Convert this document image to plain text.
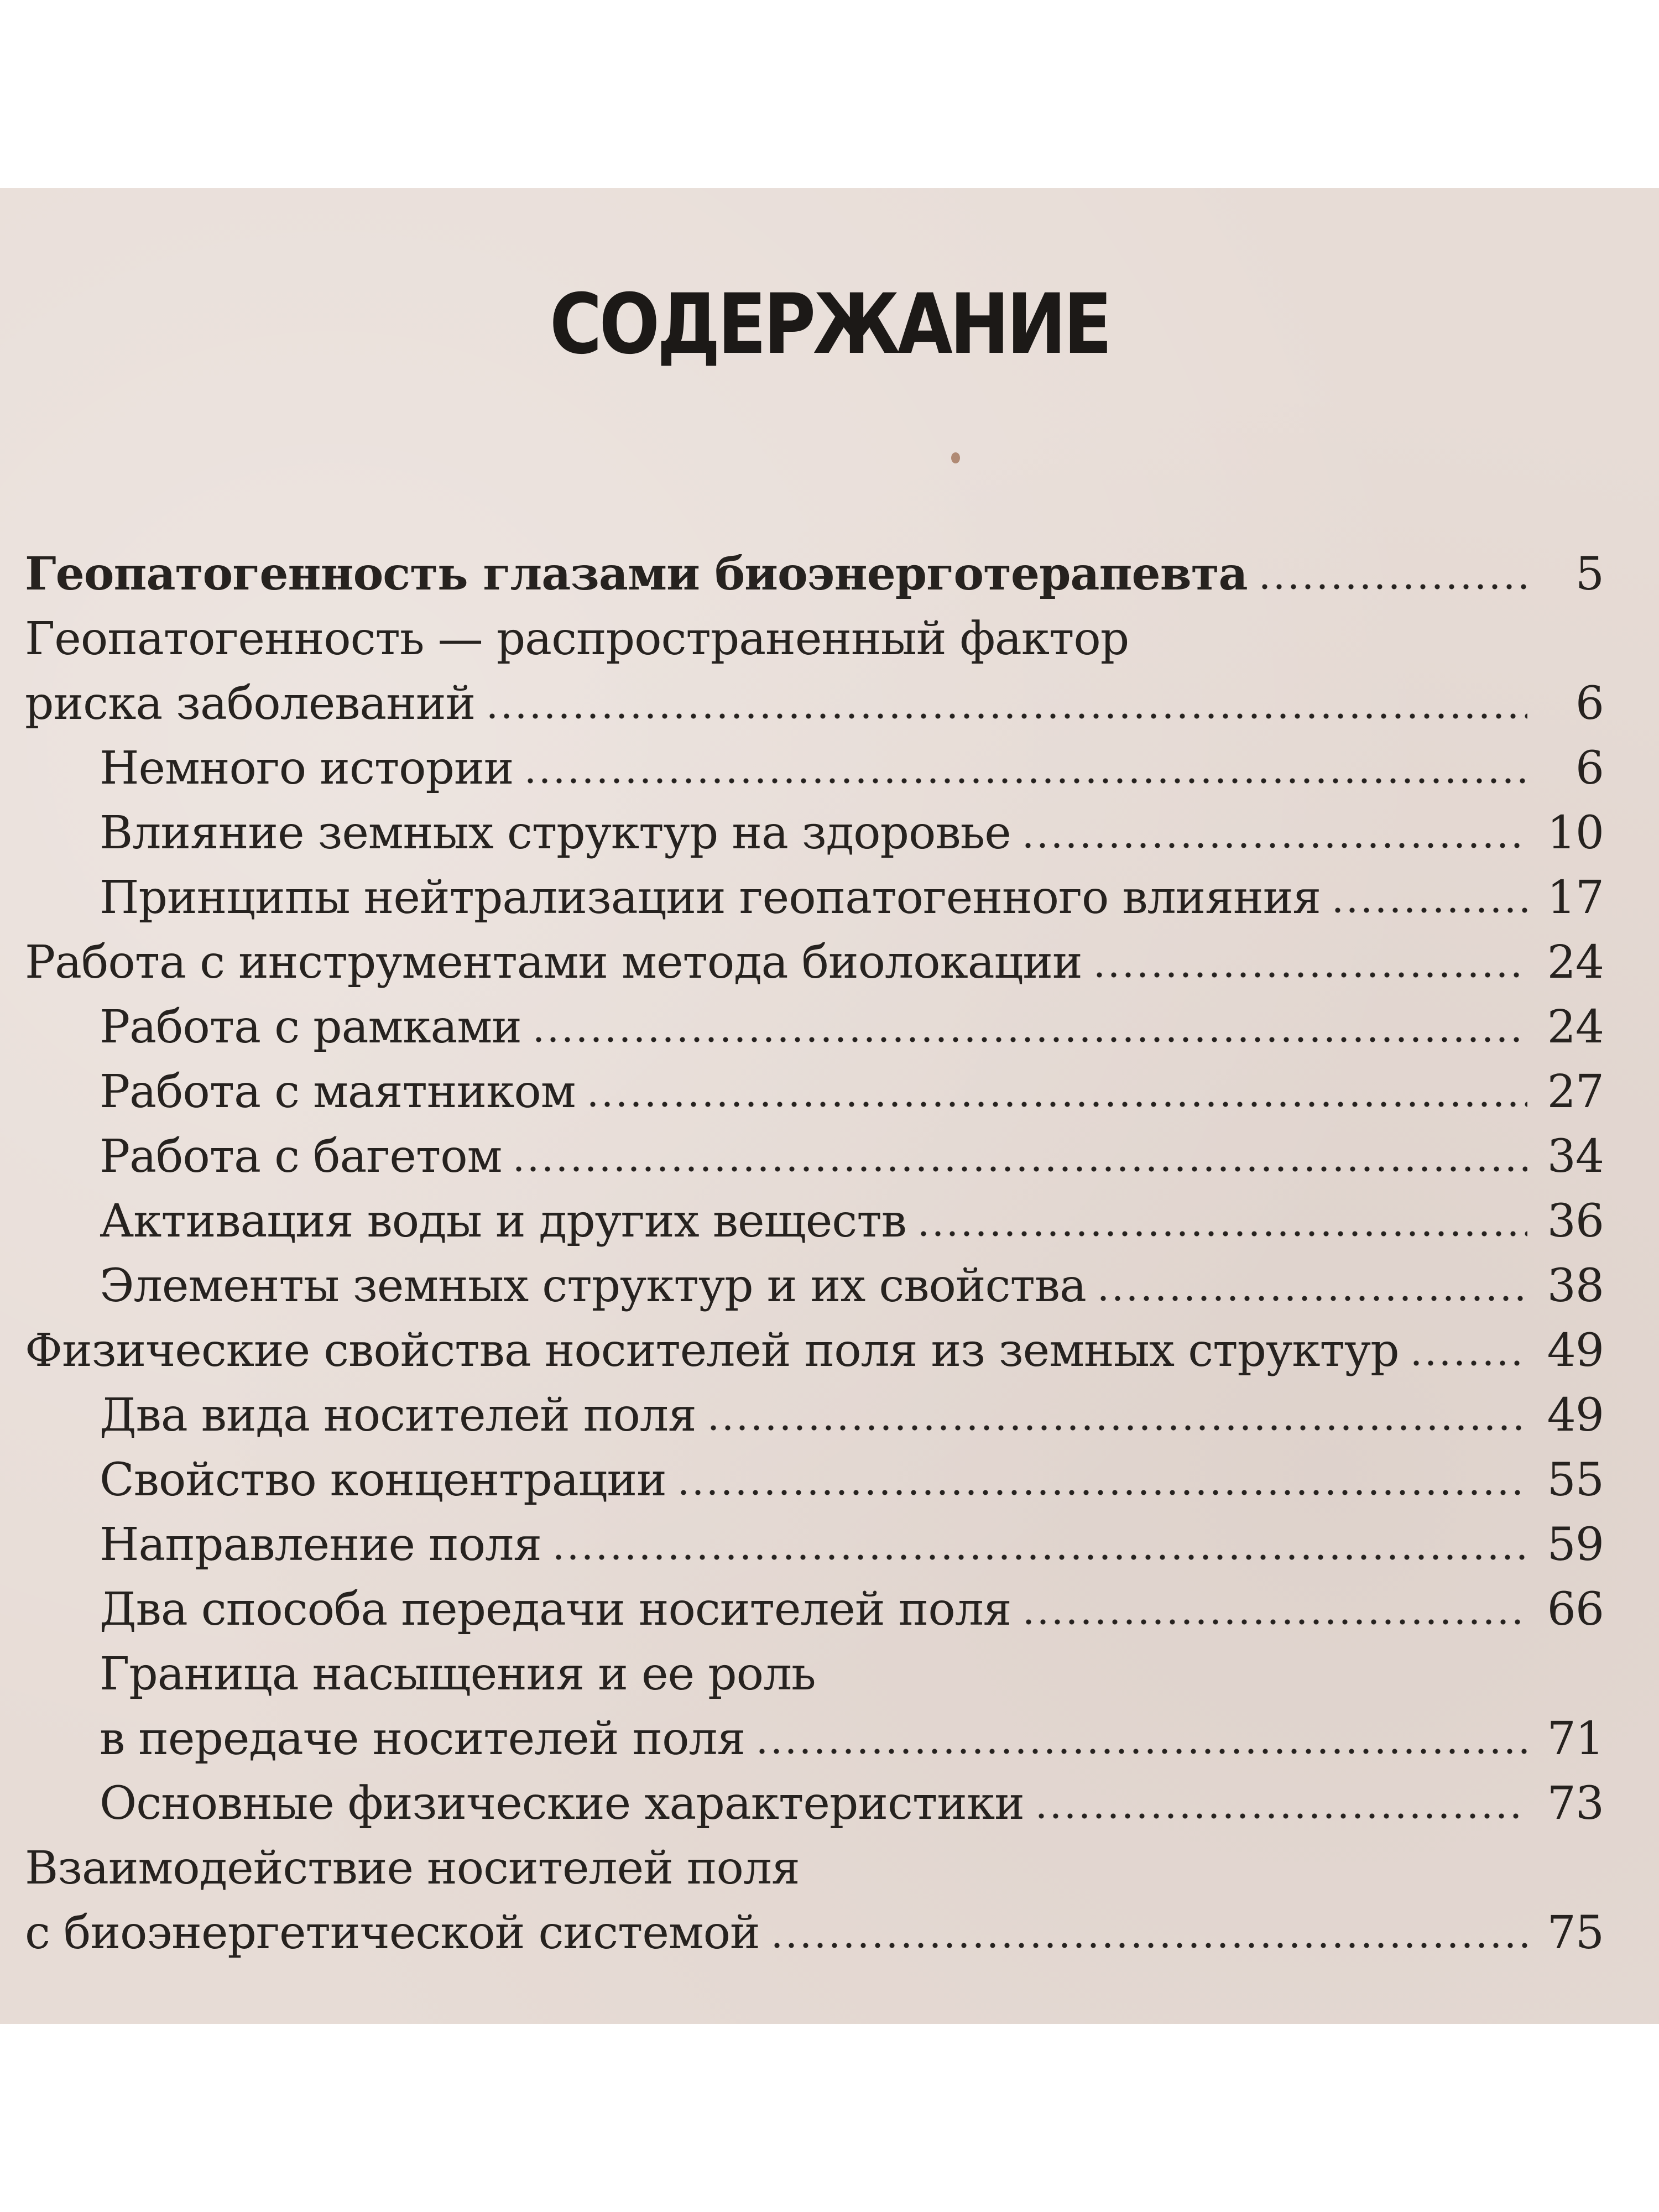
СОДЕРЖАНИЕ
Геопатогенность глазами биоэнерготерапевта	5
Геопатогенность — распространенный фактор
риска заболеваний	6
Немного истории	6
Влияние земных структур на здоровье	10
Принципы нейтрализации геопатогенного влияния	17
Работа с инструментами метода биолокации	24
Работа с рамками	24
Работа с маятником	27
Работа с багетом	34
Активация воды и других веществ	36
Элементы земных структур и их свойства	38
Физические свойства носителей поля из земных структур	49
Два вида носителей поля	49
Свойство концентрации	55
Направление поля	59
Два способа передачи носителей поля	66
Граница насыщения и ее роль
в передаче носителей поля	71
Основные физические характеристики	73
Взаимодействие носителей поля
с биоэнергетической системой	75
